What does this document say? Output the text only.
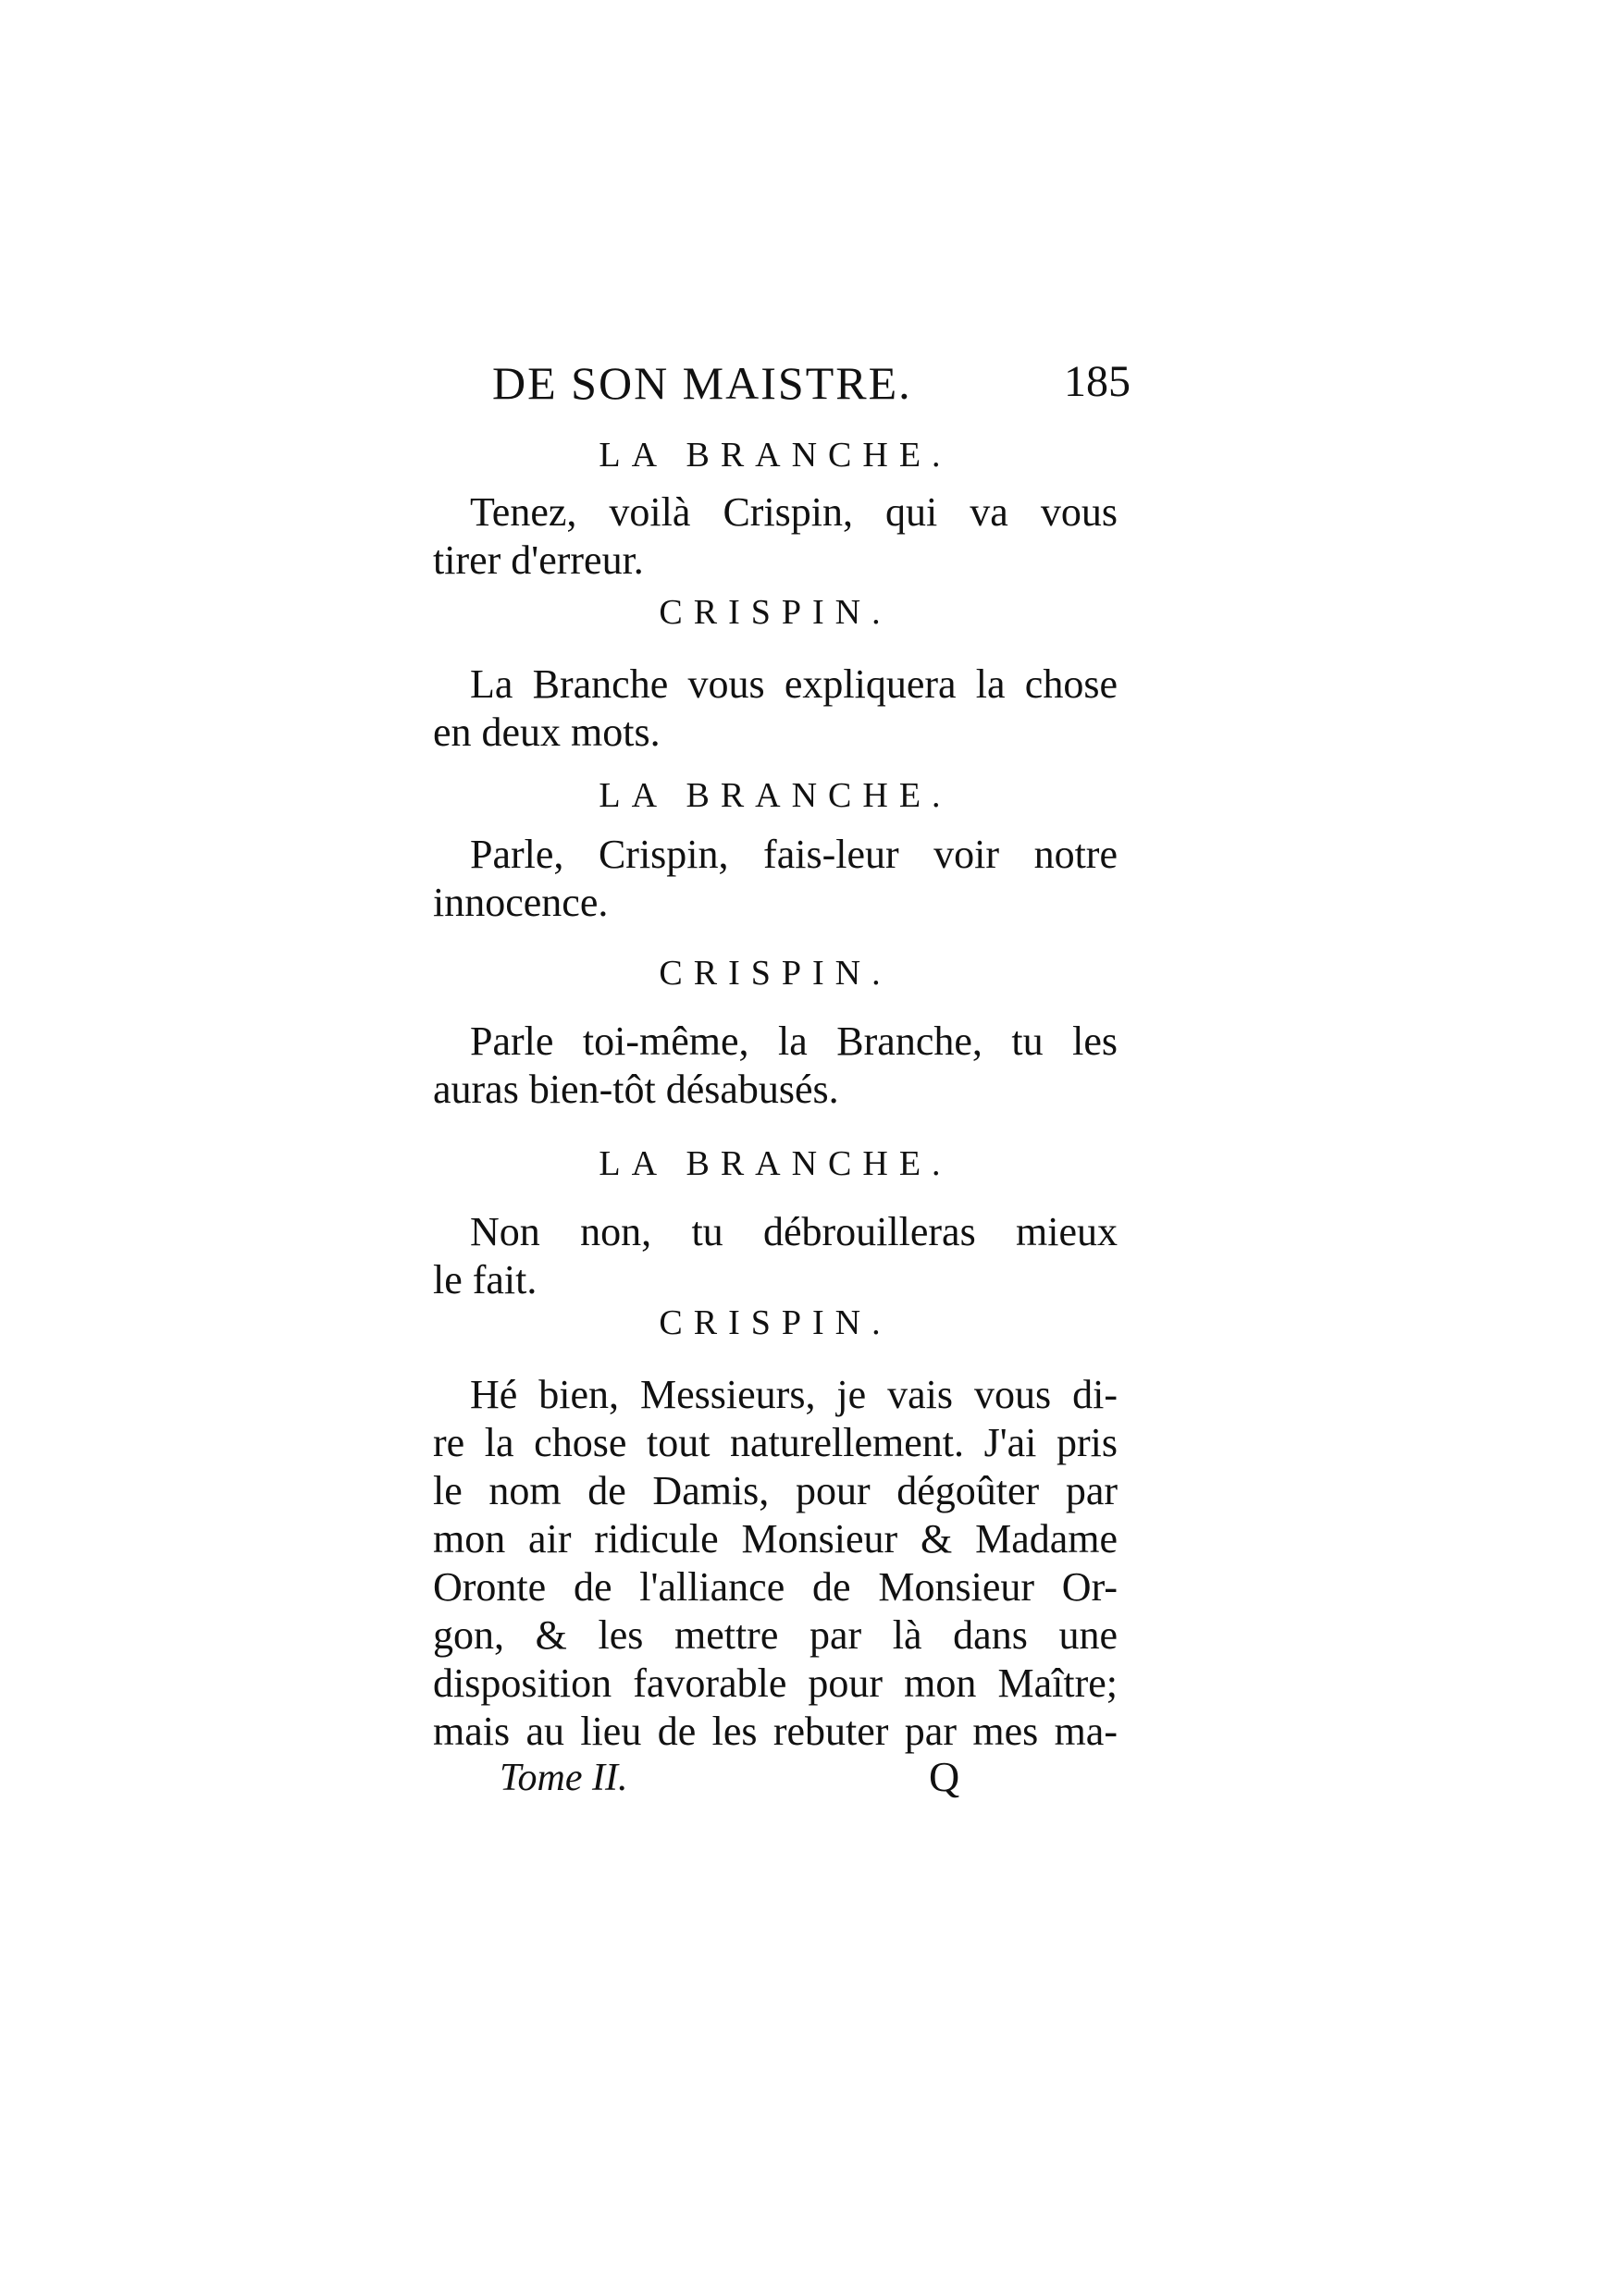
DE SON MAISTRE.	185
LA BRANCHE.
Tenez, voilà Crispin, qui va vous
tirer d'erreur.
CRISPIN.
La Branche vous expliquera la chose
en deux mots.
LA BRANCHE.
Parle, Crispin, fais-leur voir notre
innocence.
CRISPIN.
Parle toi-même, la Branche, tu les
auras bien-tôt désabusés.
LA BRANCHE.
Non non, tu débrouilleras mieux
le fait.
CRISPIN.
Hé bien, Messieurs, je vais vous di-
re la chose tout naturellement. J'ai pris
le nom de Damis, pour dégoûter par
mon air ridicule Monsieur & Madame
Oronte de l'alliance de Monsieur Or-
gon, & les mettre par là dans une
disposition favorable pour mon Maître;
mais au lieu de les rebuter par mes ma-
Tome II.	Q
